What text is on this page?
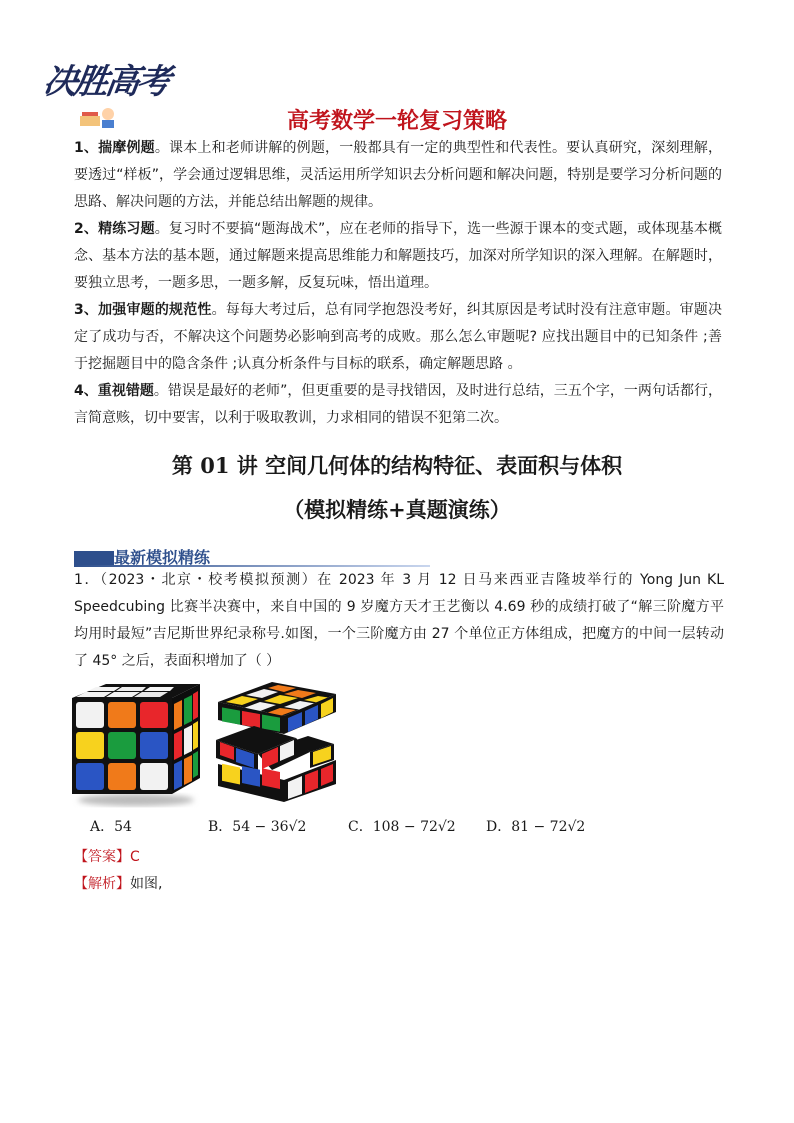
决胜高考
高考数学一轮复习策略
1、揣摩例题。课本上和老师讲解的例题，一般都具有一定的典型性和代表性。要认真研究，深刻理解，要透过“样板”，学会通过逻辑思维，灵活运用所学知识去分析问题和解决问题，特别是要学习分析问题的思路、解决问题的方法，并能总结出解题的规律。
2、精练习题。复习时不要搞“题海战术”，应在老师的指导下，选一些源于课本的变式题，或体现基本概念、基本方法的基本题，通过解题来提高思维能力和解题技巧，加深对所学知识的深入理解。在解题时，要独立思考，一题多思，一题多解，反复玩味，悟出道理。
3、加强审题的规范性。每每大考过后，总有同学抱怨没考好，纠其原因是考试时没有注意审题。审题决定了成功与否，不解决这个问题势必影响到高考的成败。那么怎么审题呢? 应找出题目中的已知条件 ;善于挖掘题目中的隐含条件 ;认真分析条件与目标的联系，确定解题思路 。
4、重视错题。错误是最好的老师”，但更重要的是寻找错因，及时进行总结，三五个字，一两句话都行，言简意赅，切中要害，以利于吸取教训，力求相同的错误不犯第二次。
第 01 讲 空间几何体的结构特征、表面积与体积
（模拟精练+真题演练）
最新模拟精练
1．（2023・北京・校考模拟预测）在 2023 年 3 月 12 日马来西亚吉隆坡举行的 Yong Jun KL Speedcubing 比赛半决赛中，来自中国的 9 岁魔方天才王艺衡以 4.69 秒的成绩打破了“解三阶魔方平均用时最短”吉尼斯世界纪录称号.如图，一个三阶魔方由 27 个单位正方体组成，把魔方的中间一层转动了 45° 之后，表面积增加了（ ）
A．54	B．54 − 36√2	C．108 − 72√2 D．81 − 72√2
【答案】C
【解析】如图,
